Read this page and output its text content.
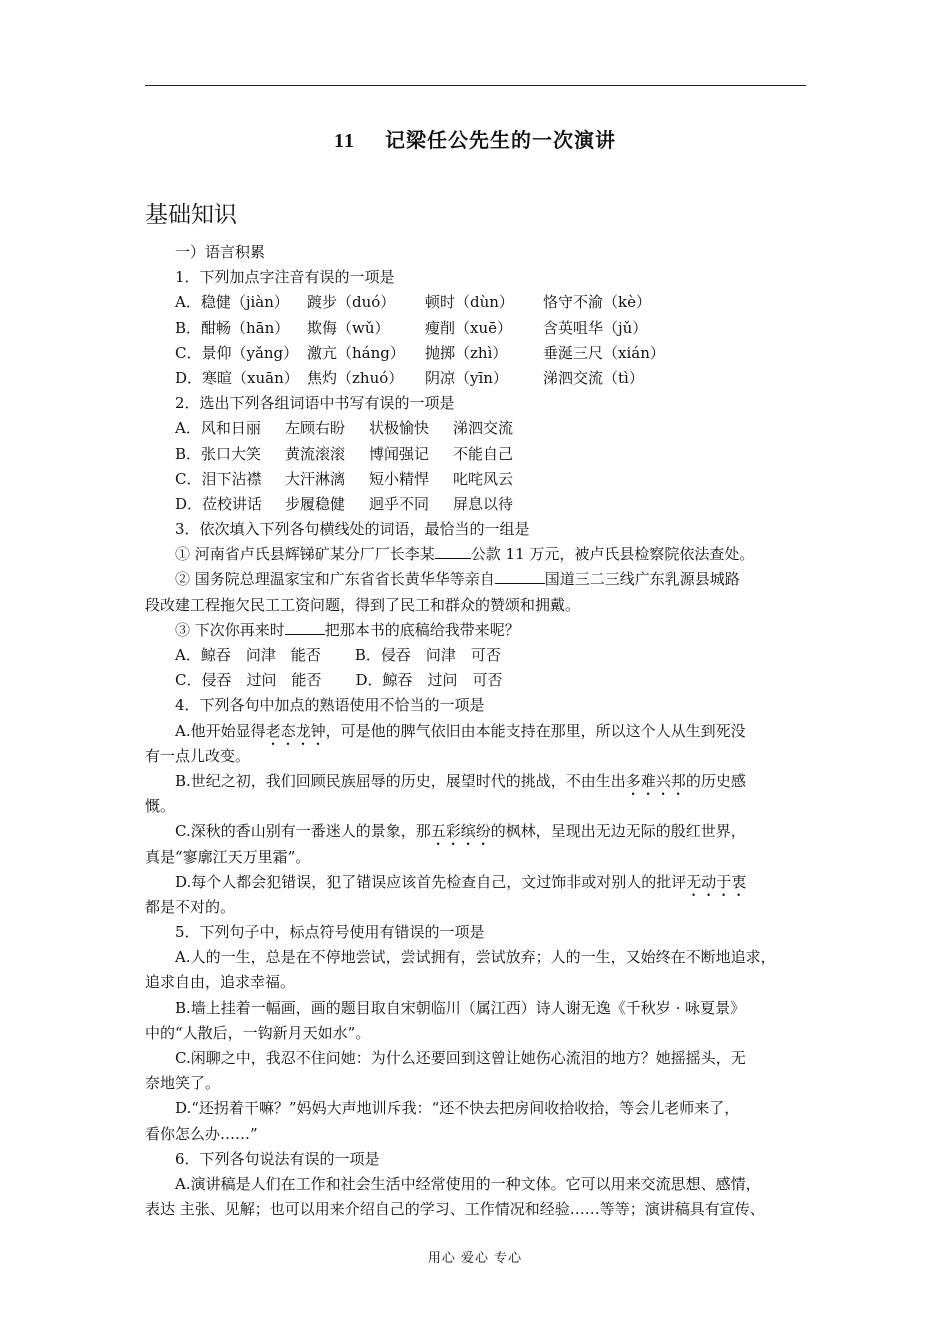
11 记梁任公先生的一次演讲
基础知识
一）语言积累
1．下列加点字注音有误的一项是
A．稳健（jiàn） 踱步（duó） 顿时（dùn） 恪守不渝（kè）
B．酣畅（hān） 欺侮（wǔ） 瘦削（xuē） 含英咀华（jǔ）
C．景仰（yǎng） 激亢（háng） 抛掷（zhì） 垂涎三尺（xián）
D．寒暄（xuān） 焦灼（zhuó） 阴凉（yīn） 涕泗交流（tì）
2．选出下列各组词语中书写有误的一项是
A．风和日丽 左顾右盼 状极愉快 涕泗交流
B．张口大笑 黄流滚滚 博闻强记 不能自己
C．泪下沾襟 大汗淋漓 短小精悍 叱咤风云
D．莅校讲话 步履稳健 迥乎不同 屏息以待
3．依次填入下列各句横线处的词语，最恰当的一组是
① 河南省卢氏县辉锑矿某分厂厂长李某 公款 11 万元，被卢氏县检察院依法查处。
② 国务院总理温家宝和广东省省长黄华华等亲自	国道三二三线广东乳源县城路
段改建工程拖欠民工工资问题，得到了民工和群众的赞颂和拥戴。
③ 下次你再来时	把那本书的底稿给我带来呢？
A．鲸吞　问津　能否 B．侵吞　问津　可否
C．侵吞　过问　能否 D．鲸吞　过问　可否
4．下列各句中加点的熟语使用不恰当的一项是
A.他开始显得老态龙钟，可是他的脾气依旧由本能支持在那里，所以这个人从生到死没
有一点儿改变。
B.世纪之初，我们回顾民族屈辱的历史，展望时代的挑战，不由生出多难兴邦的历史感
慨。
C.深秋的香山别有一番迷人的景象，那五彩缤纷的枫林，呈现出无边无际的殷红世界，
真是“寥廓江天万里霜”。
D.每个人都会犯错误，犯了错误应该首先检查自己，文过饰非或对别人的批评无动于衷
都是不对的。
5．下列句子中，标点符号使用有错误的一项是
A.人的一生，总是在不停地尝试，尝试拥有，尝试放弃；人的一生，又始终在不断地追求，
追求自由，追求幸福。
B.墙上挂着一幅画，画的题目取自宋朝临川（属江西）诗人谢无逸《千秋岁 · 咏夏景》
中的“人散后，一钩新月天如水”。
C.闲聊之中，我忍不住问她：为什么还要回到这曾让她伤心流泪的地方？她摇摇头，无
奈地笑了。
D.“还拐着干嘛？”妈妈大声地训斥我：“还不快去把房间收拾收拾，等会儿老师来了，
看你怎么办……”
6．下列各句说法有误的一项是
A.演讲稿是人们在工作和社会生活中经常使用的一种文体。它可以用来交流思想、感情，
表达 主张、见解；也可以用来介绍自己的学习、工作情况和经验……等等；演讲稿具有宣传、
用心 爱心 专心
